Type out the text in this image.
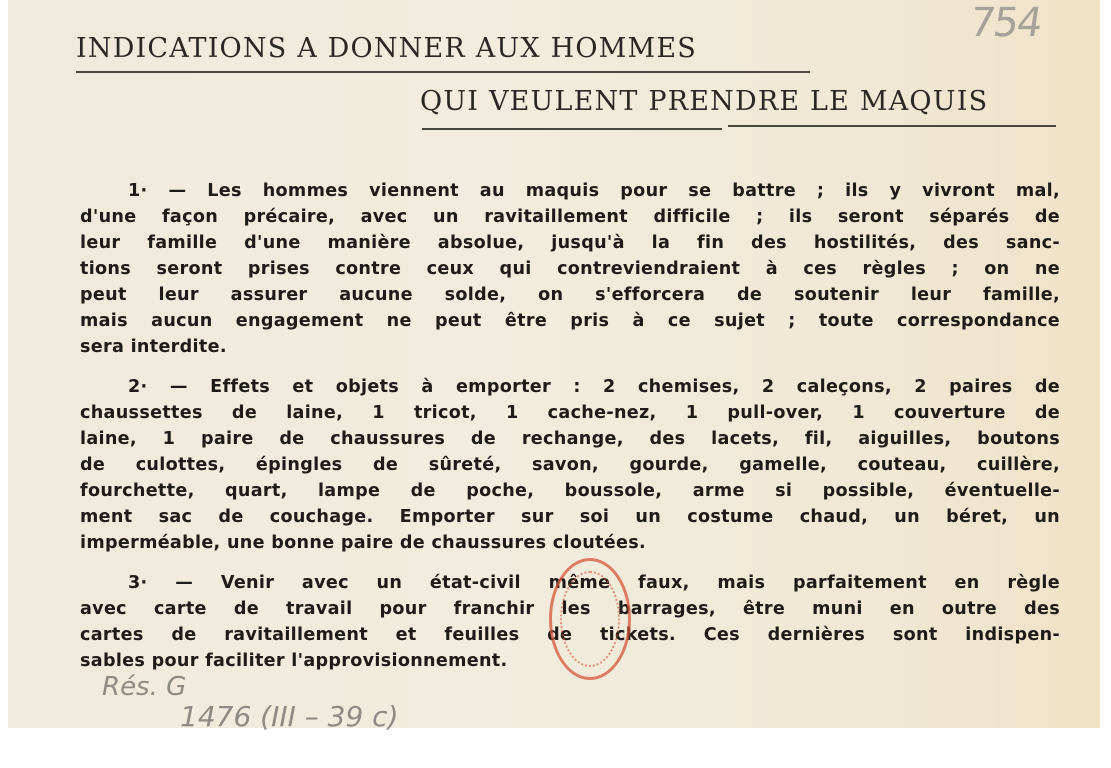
754
INDICATIONS A DONNER AUX HOMMES
QUI VEULENT PRENDRE LE MAQUIS
1· — Les hommes viennent au maquis pour se battre ; ils y vivront mal,
d'une façon précaire, avec un ravitaillement difficile ; ils seront séparés de
leur famille d'une manière absolue, jusqu'à la fin des hostilités, des sanc-
tions seront prises contre ceux qui contreviendraient à ces règles ; on ne
peut leur assurer aucune solde, on s'efforcera de soutenir leur famille,
mais aucun engagement ne peut être pris à ce sujet ; toute correspondance
sera interdite.
2· — Effets et objets à emporter : 2 chemises, 2 caleçons, 2 paires de
chaussettes de laine, 1 tricot, 1 cache-nez, 1 pull-over, 1 couverture de
laine, 1 paire de chaussures de rechange, des lacets, fil, aiguilles, boutons
de culottes, épingles de sûreté, savon, gourde, gamelle, couteau, cuillère,
fourchette, quart, lampe de poche, boussole, arme si possible, éventuelle-
ment sac de couchage. Emporter sur soi un costume chaud, un béret, un
imperméable, une bonne paire de chaussures cloutées.
3· — Venir avec un état-civil même faux, mais parfaitement en règle
avec carte de travail pour franchir les barrages, être muni en outre des
cartes de ravitaillement et feuilles de tickets. Ces dernières sont indispen-
sables pour faciliter l'approvisionnement.
Rés. G
1476 (III – 39 c)
